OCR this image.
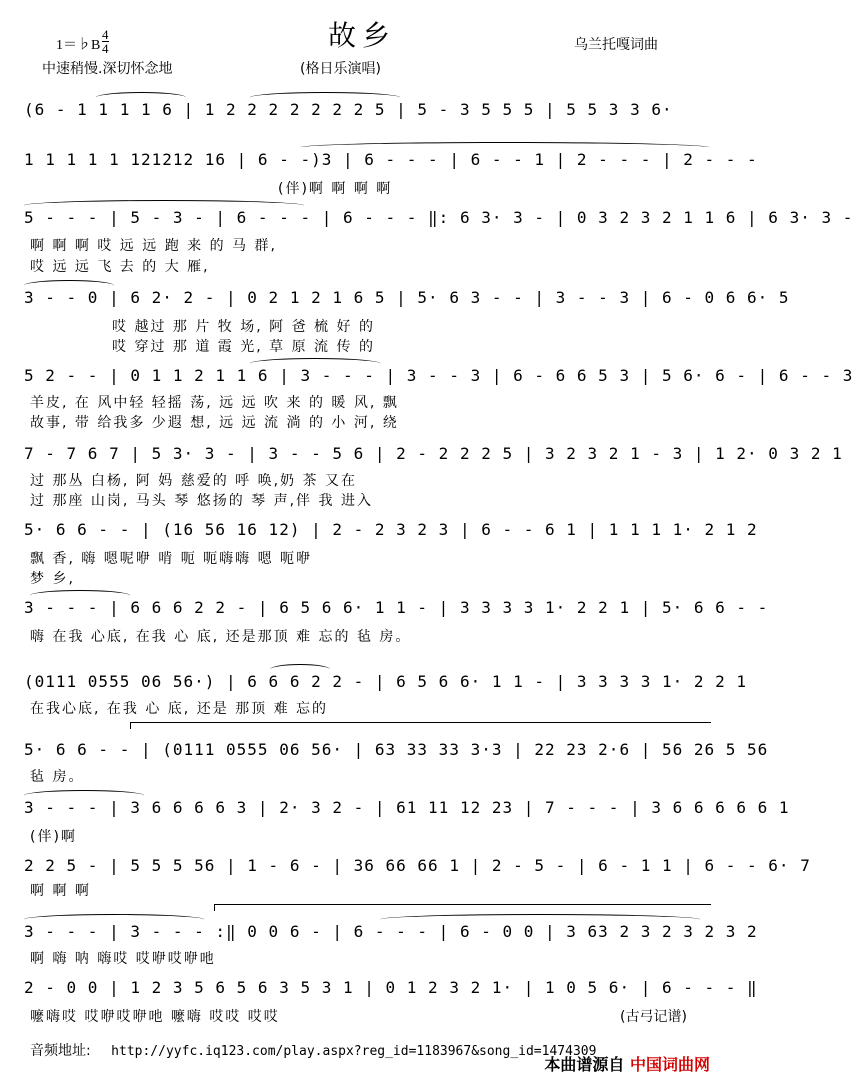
故乡
1＝♭B
4
4
中速稍慢.深切怀念地
乌兰托嘎词曲
(格日乐演唱)
(6 - 1 1 1 1 6 | 1 2 2 2 2 2 2 2 5 | 5 - 3 5 5 5 | 5 5 3 3 6·
1 1 1 1 1 121212 16 | 6 - -)3 | 6 - - - | 6 - - 1 | 2 - - - | 2 - - -
(伴)啊 啊 啊 啊
5 - - - | 5 - 3 - | 6 - - - | 6 - - - ‖: 6 3· 3 - | 0 3 2 3 2 1 1 6 | 6 3· 3 -
啊 啊 啊 哎 远 远 跑 来 的 马 群,
哎 远 远 飞 去 的 大 雁,
3 - - 0 | 6 2· 2 - | 0 2 1 2 1 6 5 | 5· 6 3 - - | 3 - - 3 | 6 - 0 6 6· 5
哎 越过 那 片 牧 场, 阿 爸 梳 好 的
哎 穿过 那 道 霞 光, 草 原 流 传 的
5 2 - - | 0 1 1 2 1 1 6 | 3 - - - | 3 - - 3 | 6 - 6 6 5 3 | 5 6· 6 - | 6 - - 3
羊皮, 在 风中轻 轻摇 荡, 远 远 吹 来 的 暖 风, 飘
故事, 带 给我多 少遐 想, 远 远 流 淌 的 小 河, 绕
7 - 7 6 7 | 5 3· 3 - | 3 - - 5 6 | 2 - 2 2 2 5 | 3 2 3 2 1 - 3 | 1 2· 0 3 2 1
过 那丛 白杨, 阿 妈 慈爱的 呼 唤,奶 茶 又在
过 那座 山岗, 马头 琴 悠扬的 琴 声,伴 我 进入
5· 6 6 - - | (16 56 16 12) | 2 - 2 3 2 3 | 6 - - 6 1 | 1 1 1 1· 2 1 2
飘 香, 嗨 嗯呢咿 啃 呃 呃嗨嗨 嗯 呃咿
梦 乡,
3 - - - | 6 6 6 2 2 - | 6 5 6 6· 1 1 - | 3 3 3 3 1· 2 2 1 | 5· 6 6 - -
嗨 在我 心底, 在我 心 底, 还是那顶 难 忘的 毡 房。
(0111 0555 06 56·) | 6 6 6 2 2 - | 6 5 6 6· 1 1 - | 3 3 3 3 1· 2 2 1
在我心底, 在我 心 底, 还是 那顶 难 忘的
5· 6 6 - - | (0111 0555 06 56· | 63 33 33 3·3 | 22 23 2·6 | 56 26 5 56
毡 房。
3 - - - | 3 6 6 6 6 3 | 2· 3 2 - | 61 11 12 23 | 7 - - - | 3 6 6 6 6 6 1
(伴)啊
2 2 5 - | 5 5 5 56 | 1 - 6 - | 36 66 66 1 | 2 - 5 - | 6 - 1 1 | 6 - - 6· 7
啊 啊 啊
3 - - - | 3 - - - :‖ 0 0 6 - | 6 - - - | 6 - 0 0 | 3 63 2 3 2 3 2 3 2
啊 嗨 呐 嗨哎 哎咿哎咿吔
2 - 0 0 | 1 2 3 5 6 5 6 3 5 3 1 | 0 1 2 3 2 1· | 1 0 5 6· | 6 - - - ‖
嚒嗨哎 哎咿哎咿吔 嚒嗨 哎哎 哎哎	(古弓记谱)
音频地址: http://yyfc.iq123.com/play.aspx?reg_id=1183967&song_id=1474309
本曲谱源自 中国词曲网
